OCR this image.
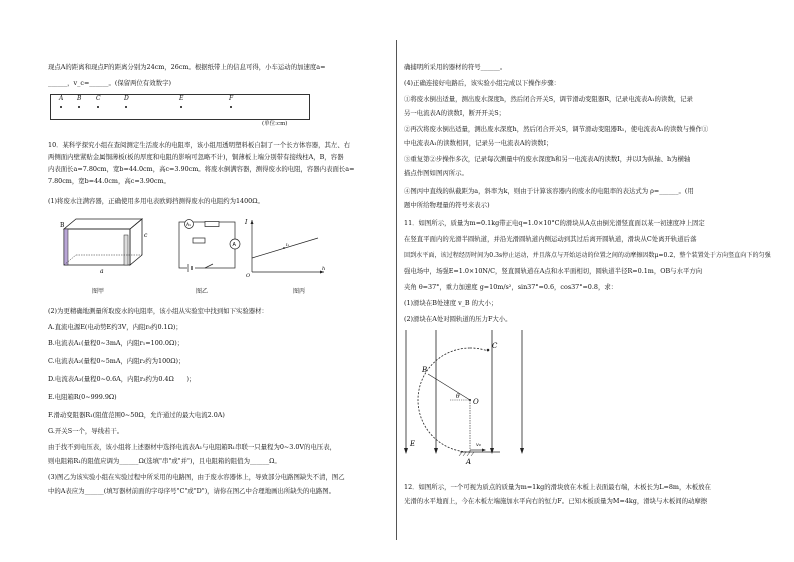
现点A的距离和现点F的距离分别为24cm，26cm。根据纸带上的信息可得，小车运动的加速度a=
______，v_c=______。(保留两位有效数字)
A B C	D	E	F
(单位:cm)
10．某科学探究小组在查阅测定生活废水的电阻率，该小组用透明塑料板自制了一个长方体容器，其左、右
两侧面内壁紧贴金属铜薄板(板的厚度和电阻的影响可忽略不计)，铜薄板上端分别带有接线柱A，B，容器
内表面长a=7.80cm，宽b=44.0cm，高c=3.90cm。将废水倒满容器，测得废水的电阻，容器内表面长a=
7.80cm，宽b=44.0cm，高c=3.90cm。
(1)将废水注满容器，正确使用多用电表欧姆挡测得废水的电阻约为1400Ω。
B
c
a
图甲
A₁
A
图乙
I
O
h
I₂
图丙
(2)为更精确地测量所取废水的电阻率，该小组从实验室中找到如下实验器材：
A.直流电源E(电动势E约3V，内阻r₀约0.1Ω)；
B.电流表A₁(量程0~3mA，内阻r₁=100.0Ω)；
C.电流表A₂(量程0~5mA，内阻r₂约为100Ω)；
D.电流表A₃(量程0~0.6A，内阻r₃约为0.4Ω　　)；
E.电阻箱R(0~999.9Ω)
F.滑动变阻器R₁(阻值范围0~50Ω，允许通过的最大电流2.0A)
G.开关S一个，导线若干。
由于找不到电压表，该小组将上述器材中选择电流表A₁与电阻箱R₁串联一只量程为0~3.0V的电压表，
则电阻箱R₁的阻值应调为______Ω(选填"串"或"并")，且电阻箱的阻值为______Ω。
(3)图乙为该实验小组在实验过程中所采用的电路图，由于废水容器体上，导致部分电路图缺失不清，图乙
中的A表应为______(填写器材前面的字母序号"C"或"D")，请你在图乙中合理地画出所缺失的电路图。
确捕明所采用的器材的符号______。
(4)正确连接好电路后，该实验小组完成以下操作步骤：
①将废水倒出适量，测出废水深度h，然后闭合开关S，调节滑动变阻器R，记录电流表A₁的读数，记录
另一电流表A的读数I，断开开关S；
②再次将废水倒出适量，测出废水深度h，然后闭合开关S，调节滑动变阻器R₁，使电流表A₁的读数与操作①
中电流表A₁的读数相同，记录另一电流表A的读数I；
③重复第②步操作多次，记录每次测量中的废水深度h和另一电流表A的读数I，并以I为纵轴、h为横轴
描点作图如图丙所示。
④图丙中直线的纵截距为a，斜率为k，则由于计算该容器内的废水的电阻率的表达式为 ρ=______。(用
题中所给物理量的符号来表示)
11．如图所示，质量为m=0.1kg带正电q=1.0×10°C的滑块从A点由倒光滑竖直面以某一初速度冲上固定
在竖直平面内的光滑半圆轨道，并沿光滑圆轨道内侧运动到其过后离开圆轨道，滑块从C处离开轨道后落
回到水平面，该过程经历时间为0.3s停止运动，并且落点与开始运动的位置之间的动摩擦因数μ=0.2，整个装置处于方向竖直向下的匀强
强电场中，场强E=1.0×10N/C，竖直圆轨道在A点和水平面相切，圆轨道半径R=0.1m，OB与水平方向
夹角 θ=37°，重力加速度 g=10m/s²，sin37°=0.6，cos37°=0.8，求：
(1)滑块在B处速度 v_B 的大小；
(2)滑块在A处对圆轨道的压力F大小。
C
B
θ
O
E
A
v₀
12．如图所示，一个可视为质点的质量为m=1kg的滑块放在木板上表面最右端，木板长为L=8m，木板放在
光滑的水平地面上，今在木板左端施加水平向右的恒力F。已知木板质量为M=4kg，滑块与木板间的动摩擦
